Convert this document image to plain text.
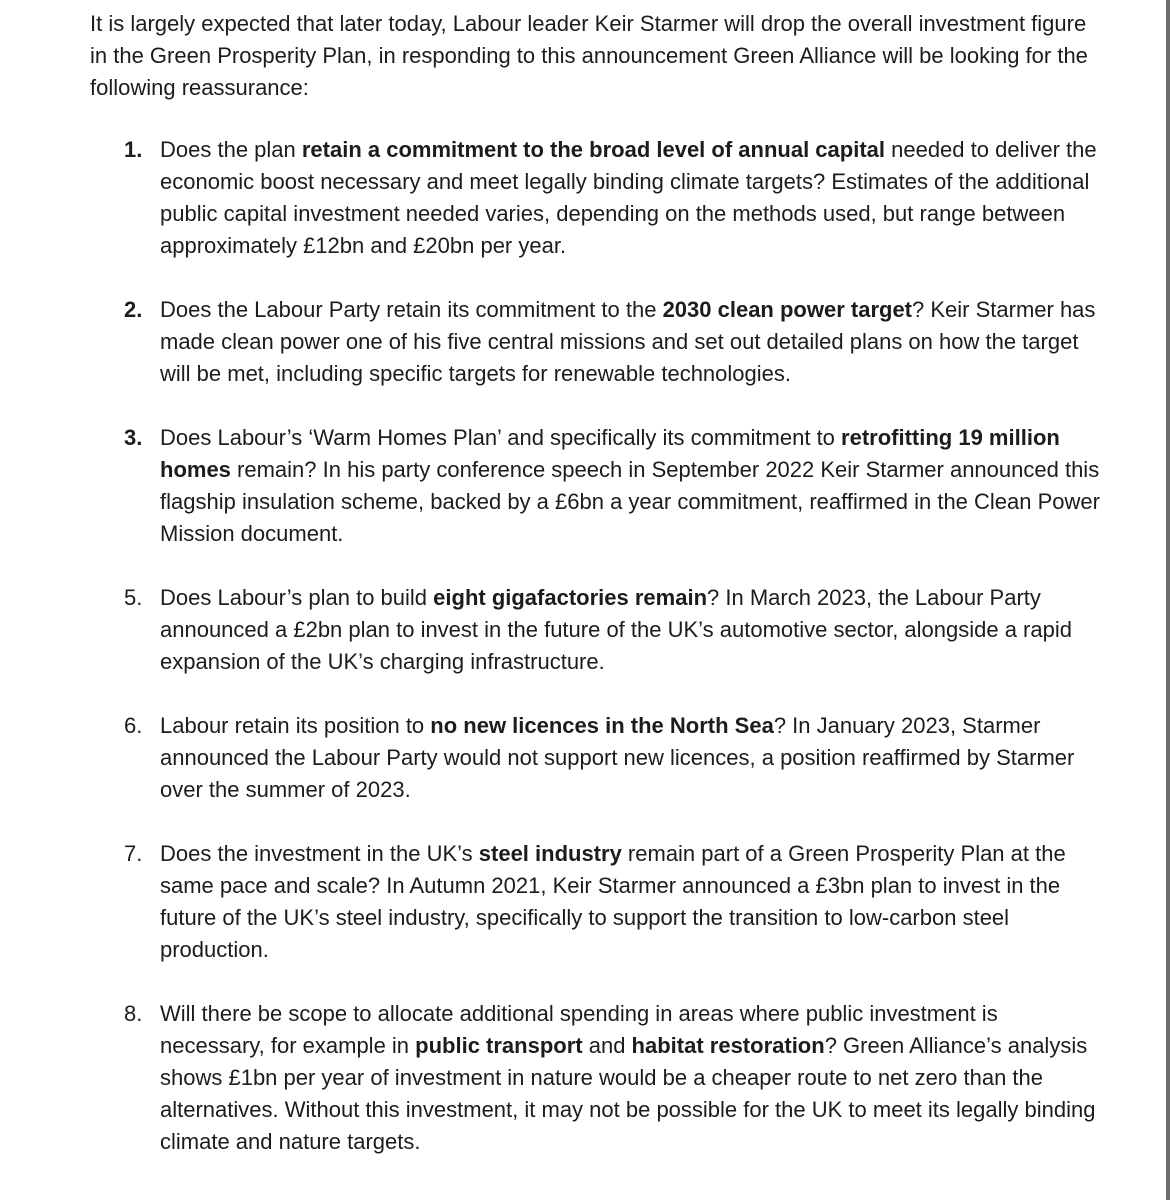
It is largely expected that later today, Labour leader Keir Starmer will drop the overall investment figure in the Green Prosperity Plan, in responding to this announcement Green Alliance will be looking for the following reassurance:

1. Does the plan retain a commitment to the broad level of annual capital needed to deliver the economic boost necessary and meet legally binding climate targets? Estimates of the additional public capital investment needed varies, depending on the methods used, but range between approximately £12bn and £20bn per year.
2. Does the Labour Party retain its commitment to the 2030 clean power target? Keir Starmer has made clean power one of his five central missions and set out detailed plans on how the target will be met, including specific targets for renewable technologies.
3. Does Labour’s ‘Warm Homes Plan’ and specifically its commitment to retrofitting 19 million homes remain? In his party conference speech in September 2022 Keir Starmer announced this flagship insulation scheme, backed by a £6bn a year commitment, reaffirmed in the Clean Power Mission document.
5. Does Labour’s plan to build eight gigafactories remain? In March 2023, the Labour Party announced a £2bn plan to invest in the future of the UK’s automotive sector, alongside a rapid expansion of the UK’s charging infrastructure.
6. Labour retain its position to no new licences in the North Sea? In January 2023, Starmer announced the Labour Party would not support new licences, a position reaffirmed by Starmer over the summer of 2023.
7. Does the investment in the UK’s steel industry remain part of a Green Prosperity Plan at the same pace and scale? In Autumn 2021, Keir Starmer announced a £3bn plan to invest in the future of the UK’s steel industry, specifically to support the transition to low-carbon steel production.
8. Will there be scope to allocate additional spending in areas where public investment is necessary, for example in public transport and habitat restoration? Green Alliance’s analysis shows £1bn per year of investment in nature would be a cheaper route to net zero than the alternatives. Without this investment, it may not be possible for the UK to meet its legally binding climate and nature targets.
